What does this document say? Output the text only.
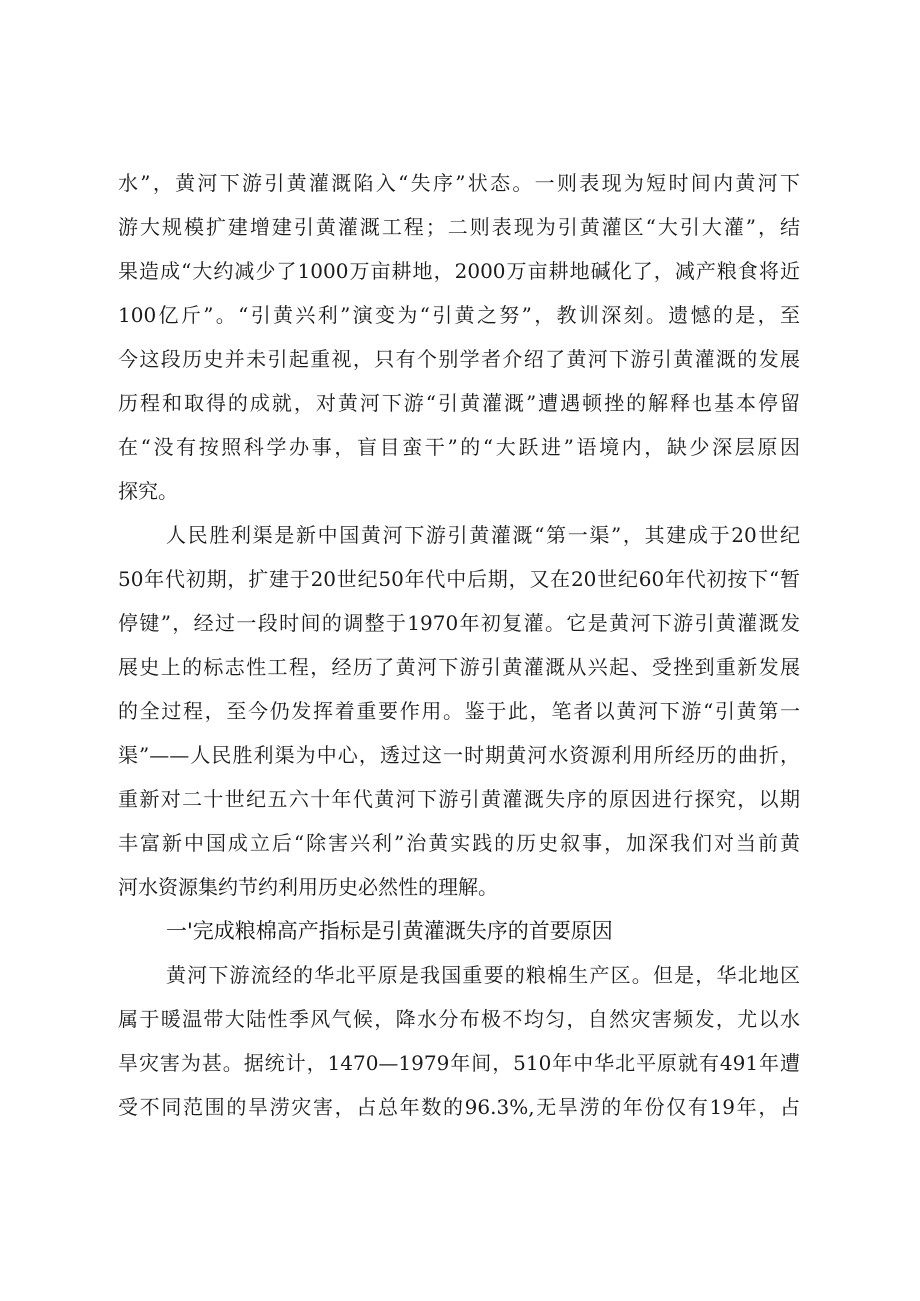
水”，黄河下游引黄灌溉陷入“失序”状态。一则表现为短时间内黄河下
游大规模扩建增建引黄灌溉工程；二则表现为引黄灌区“大引大灌”，结
果造成“大约减少了1000万亩耕地，2000万亩耕地碱化了，减产粮食将近
100亿斤”。“引黄兴利”演变为“引黄之努”，教训深刻。遗憾的是，至
今这段历史并未引起重视，只有个别学者介绍了黄河下游引黄灌溉的发展
历程和取得的成就，对黄河下游“引黄灌溉”遭遇顿挫的解释也基本停留
在“没有按照科学办事，盲目蛮干”的“大跃进”语境内，缺少深层原因
探究。
人民胜利渠是新中国黄河下游引黄灌溉“第一渠”，其建成于20世纪
50年代初期，扩建于20世纪50年代中后期，又在20世纪60年代初按下“暂
停键”，经过一段时间的调整于1970年初复灌。它是黄河下游引黄灌溉发
展史上的标志性工程，经历了黄河下游引黄灌溉从兴起、受挫到重新发展
的全过程，至今仍发挥着重要作用。鉴于此，笔者以黄河下游“引黄第一
渠”——人民胜利渠为中心，透过这一时期黄河水资源利用所经历的曲折，
重新对二十世纪五六十年代黄河下游引黄灌溉失序的原因进行探究，以期
丰富新中国成立后“除害兴利”治黄实践的历史叙事，加深我们对当前黄
河水资源集约节约利用历史必然性的理解。
一'完成粮棉高产指标是引黄灌溉失序的首要原因
黄河下游流经的华北平原是我国重要的粮棉生产区。但是，华北地区
属于暖温带大陆性季风气候，降水分布极不均匀，自然灾害频发，尤以水
旱灾害为甚。据统计，1470—1979年间，510年中华北平原就有491年遭
受不同范围的旱涝灾害，占总年数的96.3%,无旱涝的年份仅有19年，占
